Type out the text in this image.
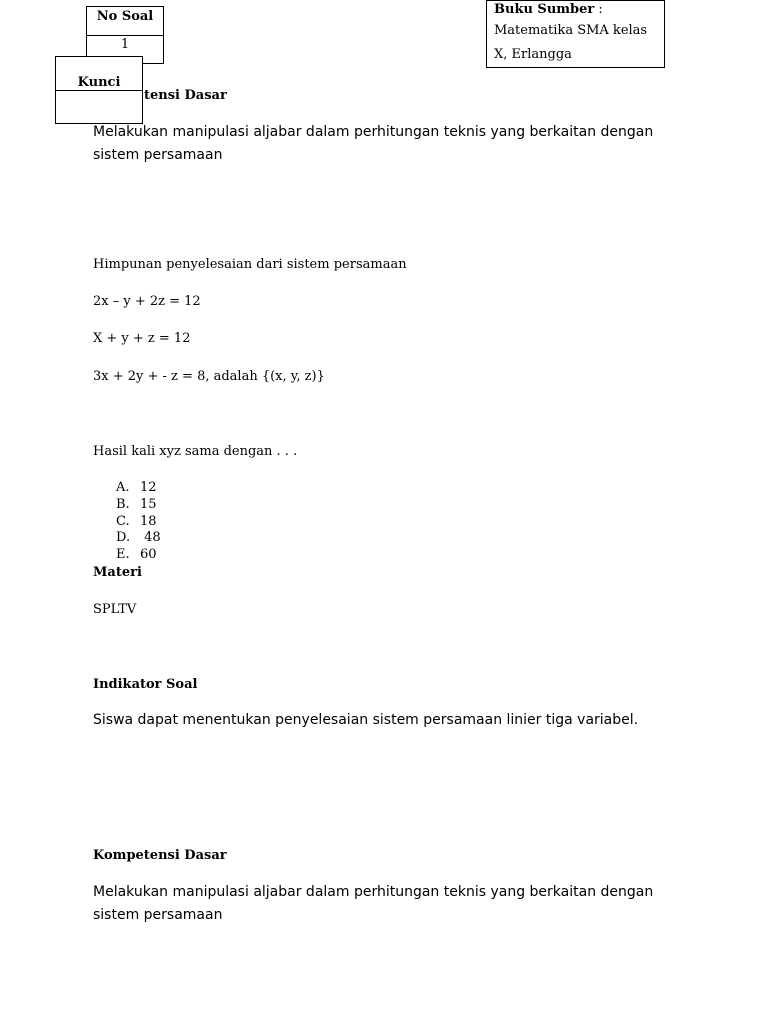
No Soal
1
tensi Dasar
Kunci
Buku Sumber :
Matematika SMA kelas
X, Erlangga
Melakukan manipulasi aljabar dalam perhitungan teknis yang berkaitan dengan
sistem persamaan
Himpunan penyelesaian dari sistem persamaan
2x – y + 2z = 12
X + y + z = 12
3x + 2y + - z = 8, adalah {(x, y, z)}
Hasil kali xyz sama dengan . . .
A. 12
B. 15
C. 18
D. 48
E. 60
Materi
SPLTV
Indikator Soal
Siswa dapat menentukan penyelesaian sistem persamaan linier tiga variabel.
Kompetensi Dasar
Melakukan manipulasi aljabar dalam perhitungan teknis yang berkaitan dengan
sistem persamaan
